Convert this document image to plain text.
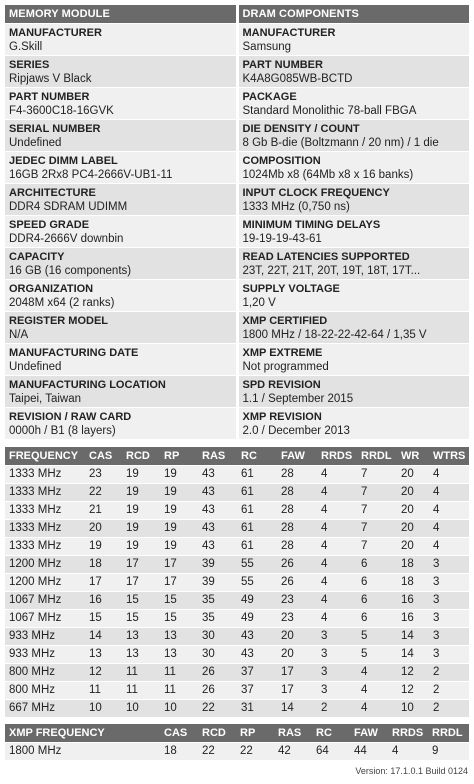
MEMORY MODULE
MANUFACTURER
G.Skill
SERIES
Ripjaws V Black
PART NUMBER
F4-3600C18-16GVK
SERIAL NUMBER
Undefined
JEDEC DIMM LABEL
16GB 2Rx8 PC4-2666V-UB1-11
ARCHITECTURE
DDR4 SDRAM UDIMM
SPEED GRADE
DDR4-2666V downbin
CAPACITY
16 GB (16 components)
ORGANIZATION
2048M x64 (2 ranks)
REGISTER MODEL
N/A
MANUFACTURING DATE
Undefined
MANUFACTURING LOCATION
Taipei, Taiwan
REVISION / RAW CARD
0000h / B1 (8 layers)
DRAM COMPONENTS
MANUFACTURER
Samsung
PART NUMBER
K4A8G085WB-BCTD
PACKAGE
Standard Monolithic 78-ball FBGA
DIE DENSITY / COUNT
8 Gb B-die (Boltzmann / 20 nm) / 1 die
COMPOSITION
1024Mb x8 (64Mb x8 x 16 banks)
INPUT CLOCK FREQUENCY
1333 MHz (0,750 ns)
MINIMUM TIMING DELAYS
19-19-19-43-61
READ LATENCIES SUPPORTED
23T, 22T, 21T, 20T, 19T, 18T, 17T...
SUPPLY VOLTAGE
1,20 V
XMP CERTIFIED
1800 MHz / 18-22-22-42-64 / 1,35 V
XMP EXTREME
Not programmed
SPD REVISION
1.1 / September 2015
XMP REVISION
2.0 / December 2013
FREQUENCY	CAS	RCD	RP	RAS	RC	FAW	RRDS	RRDL	WR	WTRS
1333 MHz	23	19	19	43	61	28	4	7	20	4
1333 MHz	22	19	19	43	61	28	4	7	20	4
1333 MHz	21	19	19	43	61	28	4	7	20	4
1333 MHz	20	19	19	43	61	28	4	7	20	4
1333 MHz	19	19	19	43	61	28	4	7	20	4
1200 MHz	18	17	17	39	55	26	4	6	18	3
1200 MHz	17	17	17	39	55	26	4	6	18	3
1067 MHz	16	15	15	35	49	23	4	6	16	3
1067 MHz	15	15	15	35	49	23	4	6	16	3
933 MHz	14	13	13	30	43	20	3	5	14	3
933 MHz	13	13	13	30	43	20	3	5	14	3
800 MHz	12	11	11	26	37	17	3	4	12	2
800 MHz	11	11	11	26	37	17	3	4	12	2
667 MHz	10	10	10	22	31	14	2	4	10	2
XMP FREQUENCY	CAS	RCD	RP	RAS	RC	FAW	RRDS	RRDL
1800 MHz	18	22	22	42	64	44	4	9
Version: 17.1.0.1 Build 0124
